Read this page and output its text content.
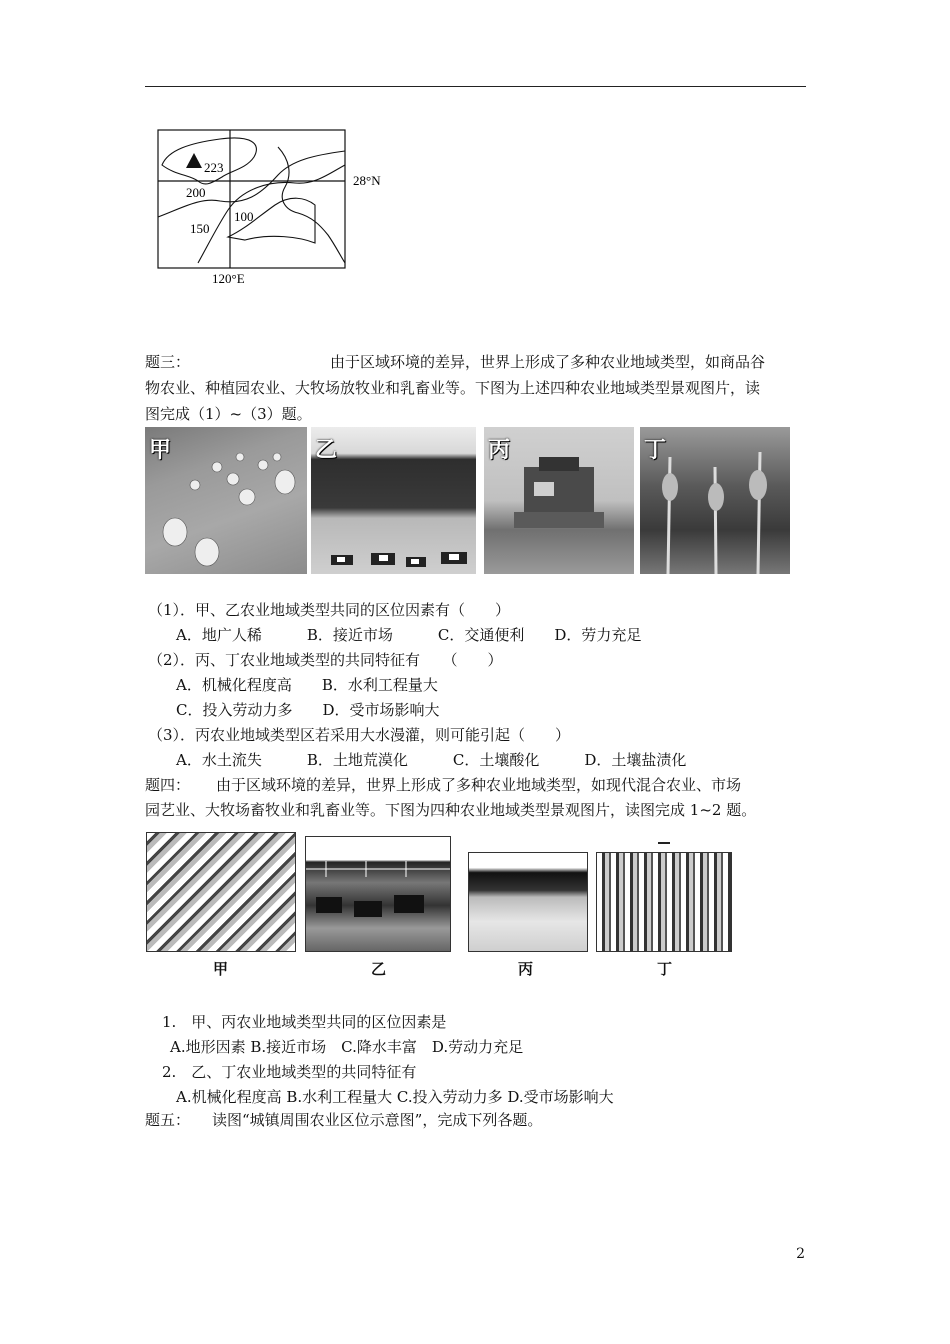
223
200
150
100
28°N
120°E
题三：	由于区域环境的差异，世界上形成了多种农业地域类型，如商品谷
物农业、种植园农业、大牧场放牧业和乳畜业等。下图为上述四种农业地域类型景观图片，读
图完成（1）~（3）题。
甲	乙	丙	丁
（1）．甲、乙农业地域类型共同的区位因素有（　　）
A．地广人稀　　　B．接近市场　　　C．交通便利　　D．劳力充足
（2）．丙、丁农业地域类型的共同特征有　　（　　）
A．机械化程度高　　B．水利工程量大
C．投入劳动力多　　D．受市场影响大
（3）．丙农业地域类型区若采用大水漫灌，则可能引起（　　）
A．水土流失　　　B．土地荒漠化　　　C．土壤酸化　　　D．土壤盐渍化
题四： 由于区域环境的差异，世界上形成了多种农业地域类型，如现代混合农业、市场
园艺业、大牧场畜牧业和乳畜业等。下图为四种农业地域类型景观图片，读图完成 1~2 题。
甲	乙	丙	丁
1.　甲、丙农业地域类型共同的区位因素是
A.地形因素 B.接近市场　C.降水丰富　D.劳动力充足
2.　乙、丁农业地域类型的共同特征有
A.机械化程度高 B.水利工程量大 C.投入劳动力多 D.受市场影响大
题五： 读图“城镇周围农业区位示意图”，完成下列各题。
2
